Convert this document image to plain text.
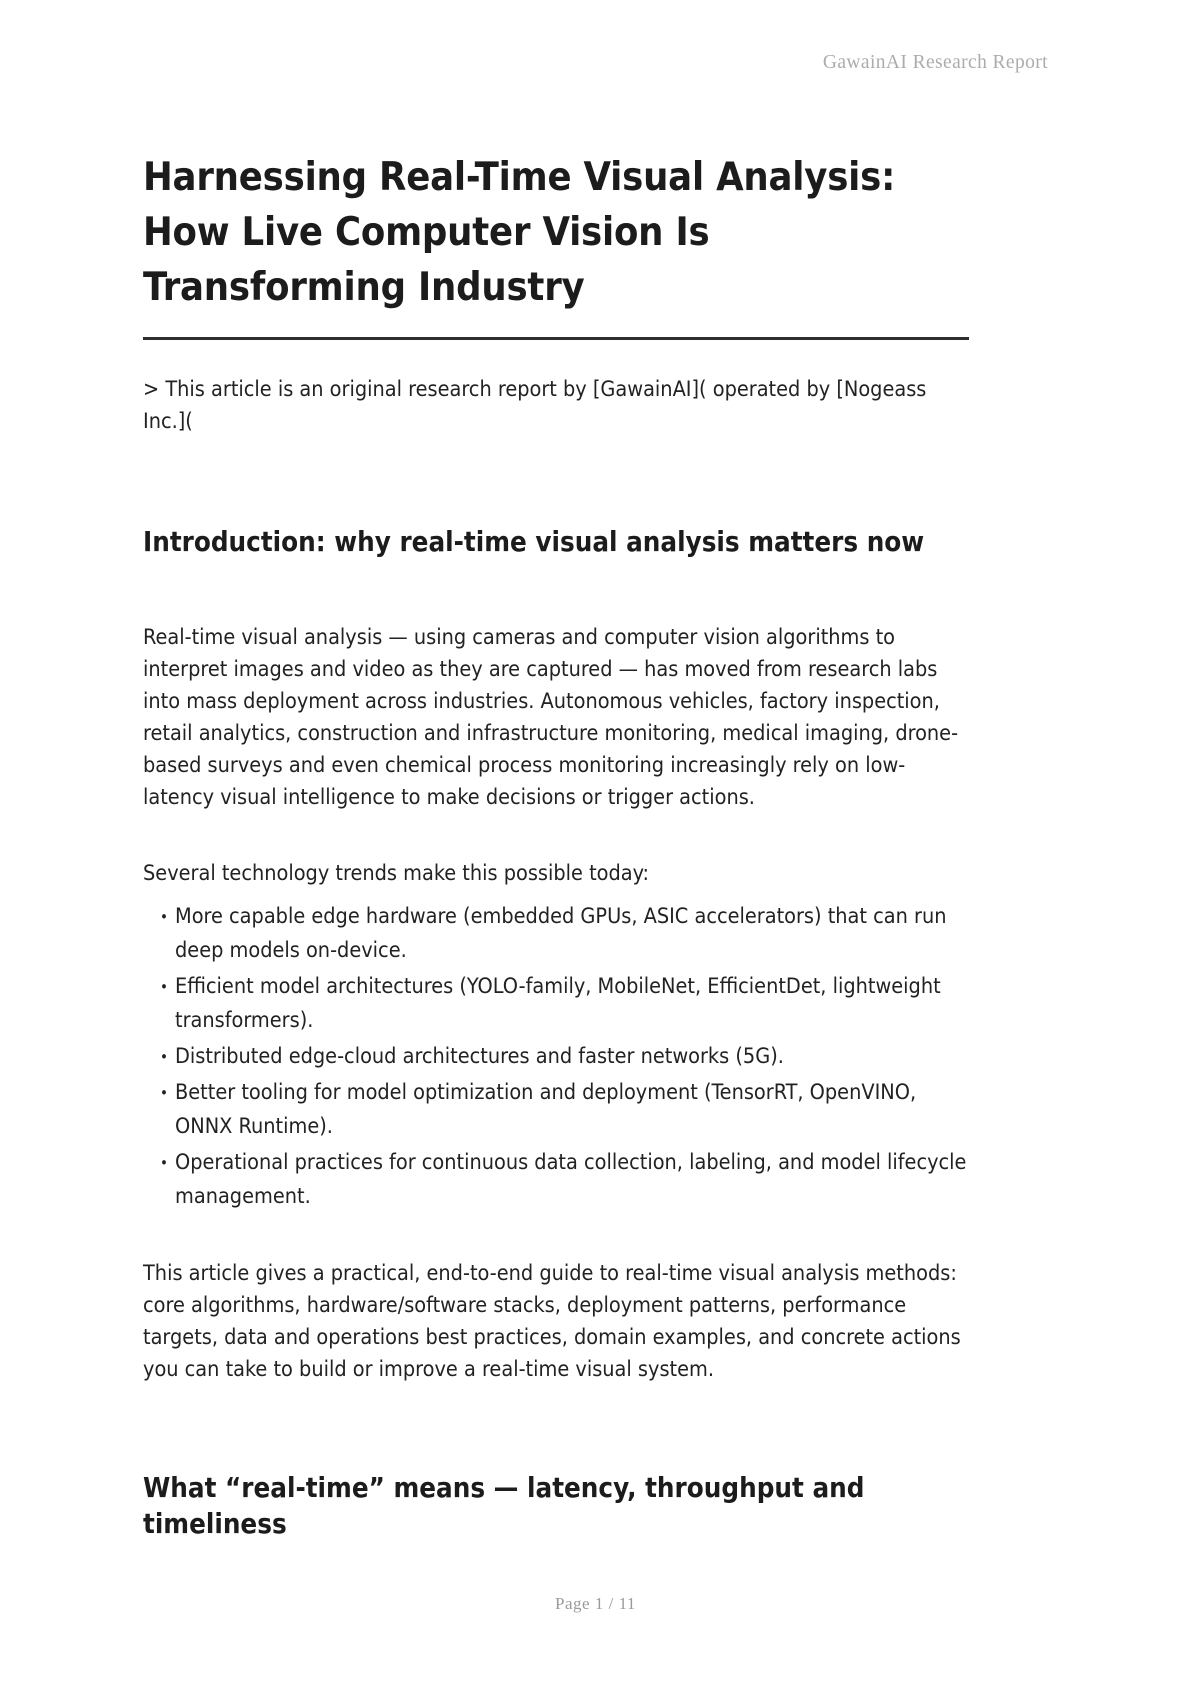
GawainAI Research Report
Harnessing Real-Time Visual Analysis: How Live Computer Vision Is Transforming Industry

> This article is an original research report by [GawainAI]( operated by [Nogeass Inc.](

Introduction: why real-time visual analysis matters now

Real-time visual analysis — using cameras and computer vision algorithms to interpret images and video as they are captured — has moved from research labs into mass deployment across industries. Autonomous vehicles, factory inspection, retail analytics, construction and infrastructure monitoring, medical imaging, drone-based surveys and even chemical process monitoring increasingly rely on low-latency visual intelligence to make decisions or trigger actions.

Several technology trends make this possible today:

• More capable edge hardware (embedded GPUs, ASIC accelerators) that can run deep models on-device.
• Efficient model architectures (YOLO-family, MobileNet, EfficientDet, lightweight transformers).
• Distributed edge-cloud architectures and faster networks (5G).
• Better tooling for model optimization and deployment (TensorRT, OpenVINO, ONNX Runtime).
• Operational practices for continuous data collection, labeling, and model lifecycle management.

This article gives a practical, end-to-end guide to real-time visual analysis methods: core algorithms, hardware/software stacks, deployment patterns, performance targets, data and operations best practices, domain examples, and concrete actions you can take to build or improve a real-time visual system.

What “real-time” means — latency, throughput and timeliness
Page 1 / 11
